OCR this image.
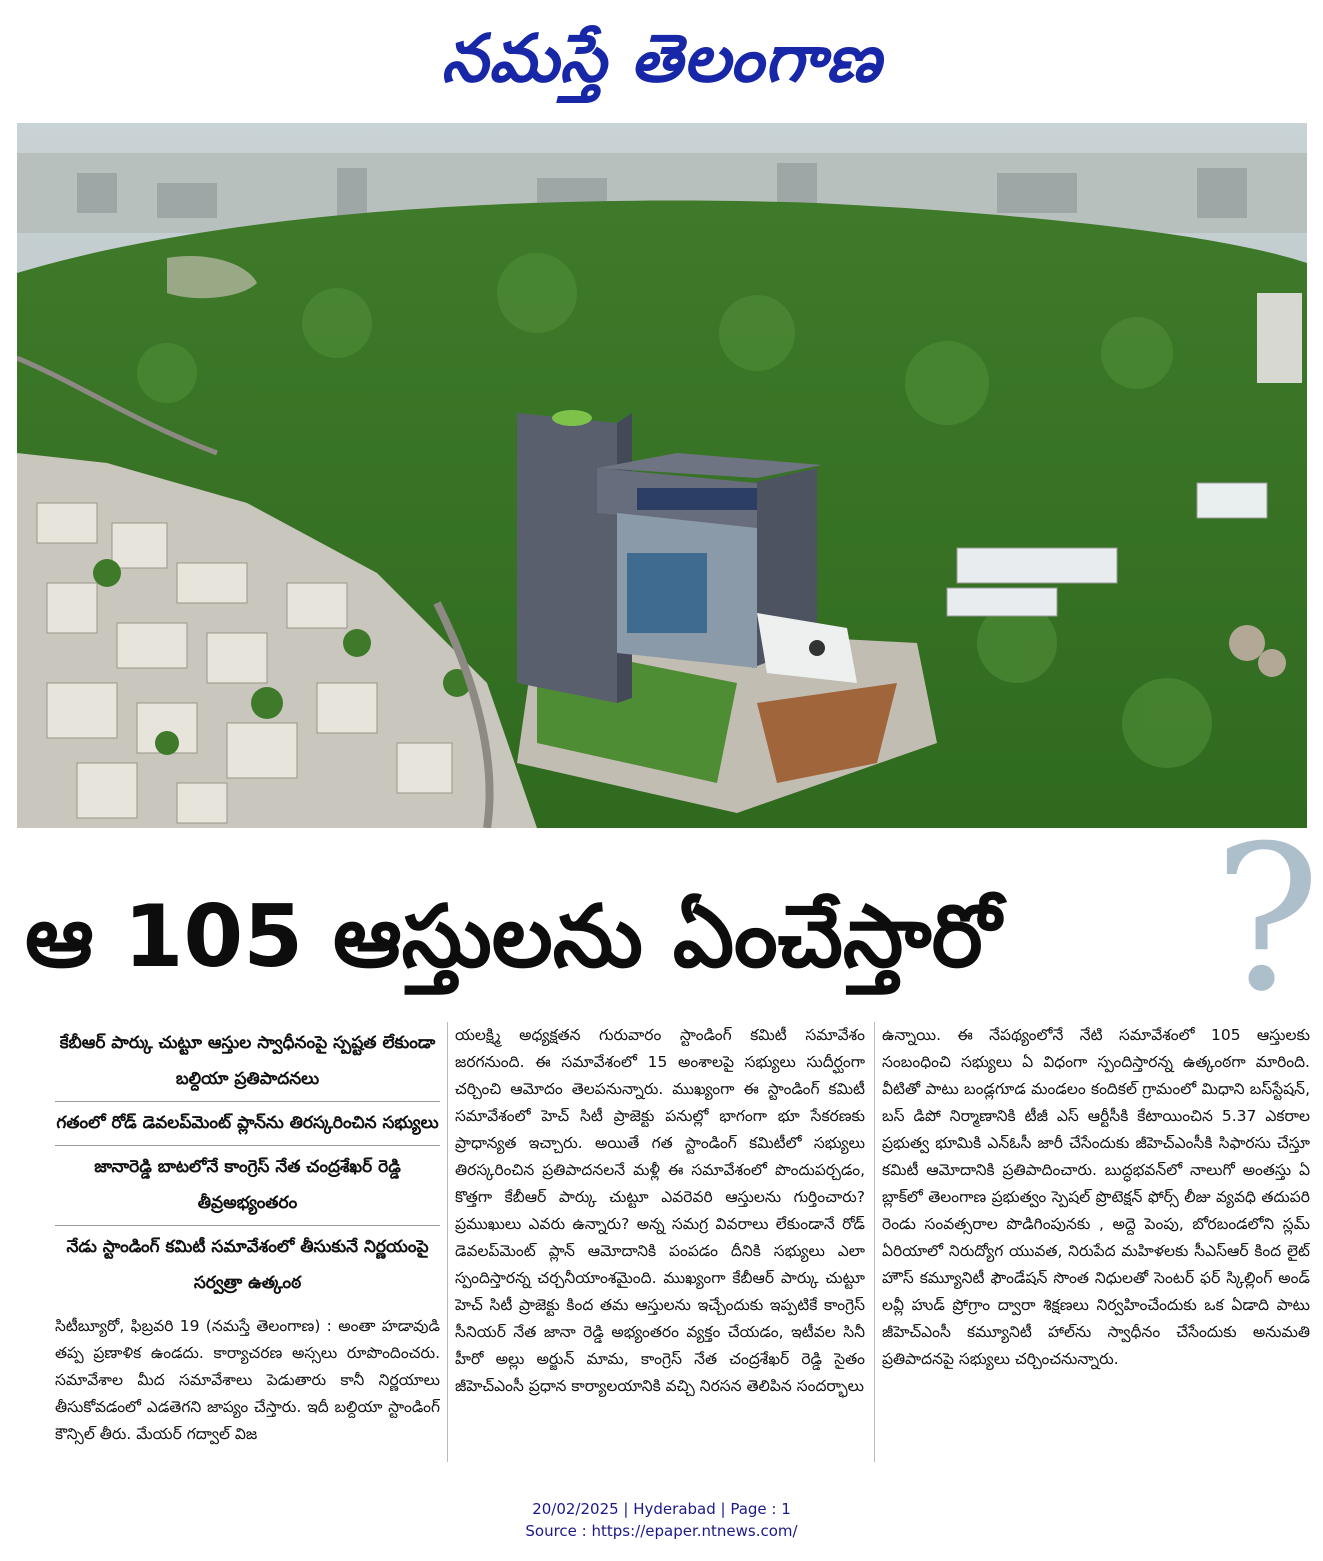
నమస్తే తెలంగాణ
ఆ 105 ఆస్తులను ఏంచేస్తారో	?
కేబీఆర్ పార్కు చుట్టూ ఆస్తుల స్వాధీనంపై స్పష్టత లేకుండా బల్దియా ప్రతిపాదనలు
గతంలో రోడ్ డెవలప్‌మెంట్ ప్లాన్‌ను తిరస్కరించిన సభ్యులు
జానారెడ్డి బాటలోనే కాంగ్రెస్ నేత చంద్రశేఖర్ రెడ్డి తీవ్రఅభ్యంతరం
నేడు స్టాండింగ్ కమిటీ సమావేశంలో తీసుకునే నిర్ణయంపై సర్వత్రా ఉత్కంఠ

సిటీబ్యూరో, ఫిబ్రవరి 19 (నమస్తే తెలంగాణ) : అంతా హడావుడి తప్ప ప్రణాళిక ఉండదు. కార్యాచరణ అస్సలు రూపొందించరు. సమావేశాల మీద సమావేశాలు పెడుతారు కానీ నిర్ణయాలు తీసుకోవడంలో ఎడతెగని జాప్యం చేస్తారు. ఇదీ బల్దియా స్టాండింగ్ కౌన్సిల్ తీరు. మేయర్ గద్వాల్ విజ

యలక్ష్మి అధ్యక్షతన గురువారం స్టాండింగ్ కమిటీ సమావేశం జరగనుంది. ఈ సమావేశంలో 15 అంశాలపై సభ్యులు సుదీర్ఘంగా చర్చించి ఆమోదం తెలపనున్నారు. ముఖ్యంగా ఈ స్టాండింగ్ కమిటీ సమావేశంలో హెచ్ సిటీ ప్రాజెక్టు పనుల్లో భాగంగా భూ సేకరణకు ప్రాధాన్యత ఇచ్చారు. అయితే గత స్టాండింగ్ కమిటీలో సభ్యులు తిరస్కరించిన ప్రతిపాదనలనే మళ్లీ ఈ సమావేశంలో పొందుపర్చడం, కొత్తగా కేబీఆర్ పార్కు చుట్టూ ఎవరెవరి ఆస్తులను గుర్తించారు? ప్రముఖులు ఎవరు ఉన్నారు? అన్న సమగ్ర వివరాలు లేకుండానే రోడ్ డెవలప్‌మెంట్ ప్లాన్ ఆమోదానికి పంపడం దీనికి సభ్యులు ఎలా స్పందిస్తారన్న చర్చనీయాంశమైంది. ముఖ్యంగా కేబీఆర్ పార్కు చుట్టూ హెచ్ సిటీ ప్రాజెక్టు కింద తమ ఆస్తులను ఇచ్చేందుకు ఇప్పటికే కాంగ్రెస్ సీనియర్ నేత జానా రెడ్డి అభ్యంతరం వ్యక్తం చేయడం, ఇటీవల సినీ హీరో అల్లు అర్జున్ మామ, కాంగ్రెస్ నేత చంద్రశేఖర్ రెడ్డి సైతం జీహెచ్ఎంసీ ప్రధాన కార్యాలయానికి వచ్చి నిరసన తెలిపిన సందర్భాలు

ఉన్నాయి. ఈ నేపథ్యంలోనే నేటి సమావేశంలో 105 ఆస్తులకు సంబంధించి సభ్యులు ఏ విధంగా స్పందిస్తారన్న ఉత్కంఠగా మారింది. వీటితో పాటు బండ్లగూడ మండలం కందికల్ గ్రామంలో మిధాని బస్‌స్టేషన్, బస్ డిపో నిర్మాణానికి టీజీ ఎస్ ఆర్టీసీకి కేటాయించిన 5.37 ఎకరాల ప్రభుత్వ భూమికి ఎన్‌ఓసీ జారీ చేసేందుకు జీహెచ్ఎంసీకి సిఫారసు చేస్తూ కమిటీ ఆమోదానికి ప్రతిపాదించారు. బుద్ధభవన్‌లో నాలుగో అంతస్తు ఏ బ్లాక్‌లో తెలంగాణ ప్రభుత్వం స్పెషల్ ప్రొటెక్షన్ ఫోర్స్ లీజు వ్యవధి తదుపరి రెండు సంవత్సరాల పొడిగింపునకు , అద్దె పెంపు, బోరబండలోని స్లమ్ ఏరియాలో నిరుద్యోగ యువత, నిరుపేద మహిళలకు సీఎస్ఆర్ కింద లైట్ హౌస్ కమ్యూనిటీ ఫౌండేషన్ సొంత నిధులతో సెంటర్ ఫర్ స్కిల్లింగ్ అండ్ లవ్లీ హుడ్ ప్రోగ్రాం ద్వారా శిక్షణలు నిర్వహించేందుకు ఒక ఏడాది పాటు జీహెచ్ఎంసీ కమ్యూనిటీ హాల్‌ను స్వాధీనం చేసేందుకు అనుమతి ప్రతిపాదనపై సభ్యులు చర్చించనున్నారు.

20/02/2025 | Hyderabad | Page : 1
Source : https://epaper.ntnews.com/
